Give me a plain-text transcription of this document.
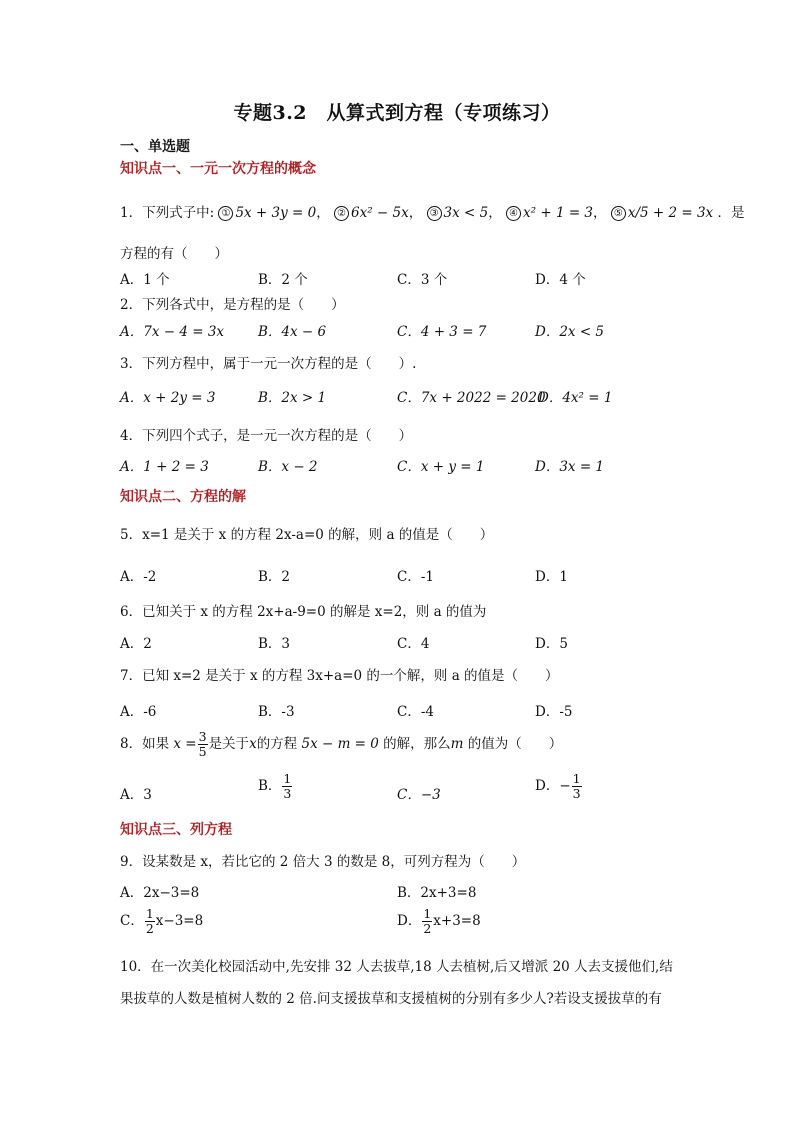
专题3.2　从算式到方程（专项练习）
一、单选题
知识点一、一元一次方程的概念
1．下列式子中: ① 5x + 3y = 0， ② 6x² − 5x， ③ 3x < 5， ④ x² + 1 = 3， ⑤ x/5 + 2 = 3x ．是
方程的有（　　）
A．1 个	B．2 个	C．3 个	D．4 个
2．下列各式中，是方程的是（　　）
A．7x − 4 = 3x	B．4x − 6	C．4 + 3 = 7	D．2x < 5
3．下列方程中，属于一元一次方程的是（　　）.
A．x + 2y = 3	B．2x > 1	C．7x + 2022 = 2020
D．4x² = 1
4．下列四个式子，是一元一次方程的是（　　）
A．1 + 2 = 3	B．x − 2	C．x + y = 1	D．3x = 1
知识点二、方程的解
5．x=1 是关于 x 的方程 2x-a=0 的解，则 a 的值是（　　）
A．-2	B．2	C．-1	D．1
6．已知关于 x 的方程 2x+a-9=0 的解是 x=2，则 a 的值为
A．2	B．3	C．4	D．5
7．已知 x=2 是关于 x 的方程 3x+a=0 的一个解，则 a 的值是（　　）
A．-6	B．-3	C．-4	D．-5
8．如果 $x = \frac{3}{5}$ 是关于x的方程 5x − m = 0 的解，那么m 的值为（　　）
A．3
B． $\frac{1}{3}$	C．−3
D．− $\frac{1}{3}$
知识点三、列方程
9．设某数是 x，若比它的 2 倍大 3 的数是 8，可列方程为（　　）
A．2x−3=8	B．2x+3=8
C． $\frac{1}{2} x-3=8$	D． $\frac{1}{2} x+3=8$
10．在一次美化校园活动中,先安排 32 人去拔草,18 人去植树,后又增派 20 人去支援他们,结
果拔草的人数是植树人数的 2 倍.问支援拔草和支援植树的分别有多少人?若设支援拔草的有
